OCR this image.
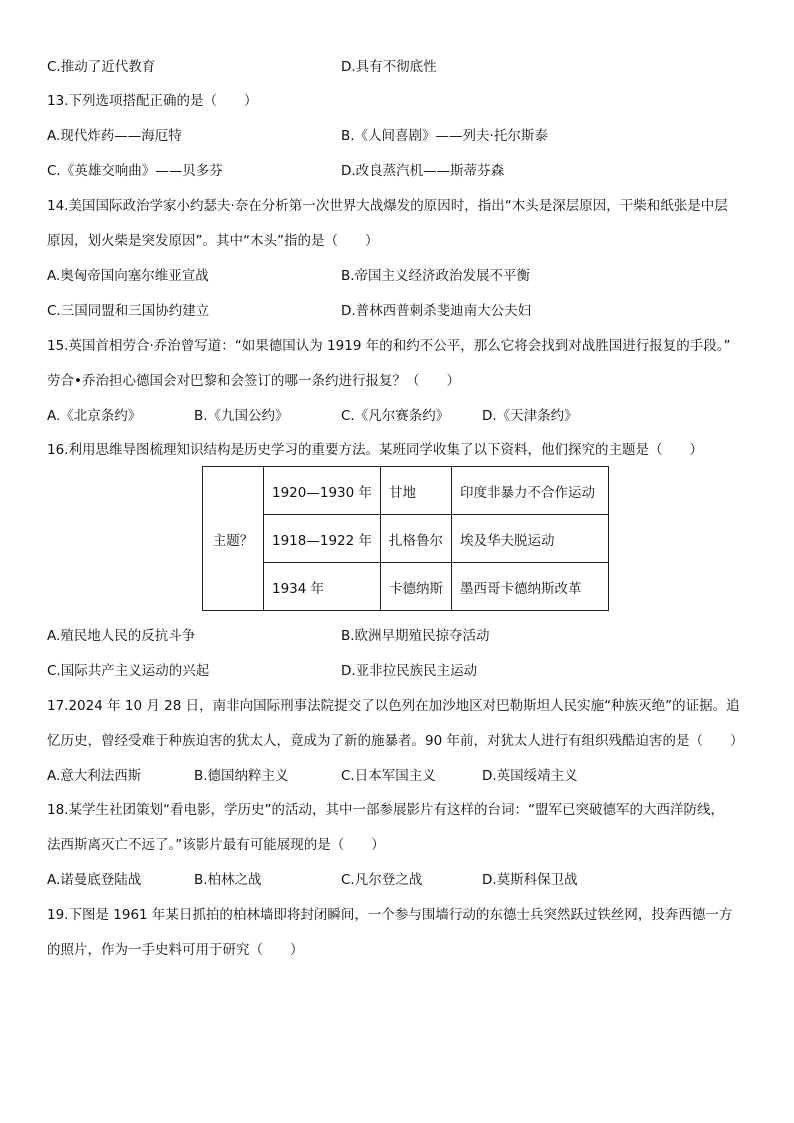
C.推动了近代教育	D.具有不彻底性
13.下列选项搭配正确的是（　　）
A.现代炸药——海厄特	B.《人间喜剧》——列夫·托尔斯泰
C.《英雄交响曲》——贝多芬	D.改良蒸汽机——斯蒂芬森
14.美国国际政治学家小约瑟夫·奈在分析第一次世界大战爆发的原因时，指出“木头是深层原因，干柴和纸张是中层
原因，划火柴是突发原因”。其中“木头”指的是（　　）
A.奥匈帝国向塞尔维亚宣战	B.帝国主义经济政治发展不平衡
C.三国同盟和三国协约建立	D.普林西普刺杀斐迪南大公夫妇
15.英国首相劳合·乔治曾写道：“如果德国认为 1919 年的和约不公平，那么它将会找到对战胜国进行报复的手段。”
劳合•乔治担心德国会对巴黎和会签订的哪一条约进行报复？（　　）
A.《北京条约》	B.《九国公约》	C.《凡尔赛条约》 D.《天津条约》
16.利用思维导图梳理知识结构是历史学习的重要方法。某班同学收集了以下资料，他们探究的主题是（　　）
主题？	1920—1930 年	甘地	印度非暴力不合作运动
	1918—1922 年	扎格鲁尔	埃及华夫脱运动
	1934 年	卡德纳斯	墨西哥卡德纳斯改革
A.殖民地人民的反抗斗争	B.欧洲早期殖民掠夺活动
C.国际共产主义运动的兴起	D.亚非拉民族民主运动
17.2024 年 10 月 28 日，南非向国际刑事法院提交了以色列在加沙地区对巴勒斯坦人民实施“种族灭绝”的证据。追
忆历史，曾经受难于种族迫害的犹太人，竟成为了新的施暴者。90 年前，对犹太人进行有组织残酷迫害的是（　　）
A.意大利法西斯	B.德国纳粹主义	C.日本军国主义	D.英国绥靖主义
18.某学生社团策划“看电影，学历史”的活动，其中一部参展影片有这样的台词：“盟军已突破德军的大西洋防线，
法西斯离灭亡不远了。”该影片最有可能展现的是（　　）
A.诺曼底登陆战	B.柏林之战	C.凡尔登之战	D.莫斯科保卫战
19.下图是 1961 年某日抓拍的柏林墙即将封闭瞬间，一个参与围墙行动的东德士兵突然跃过铁丝网，投奔西德一方
的照片，作为一手史料可用于研究（　　）
